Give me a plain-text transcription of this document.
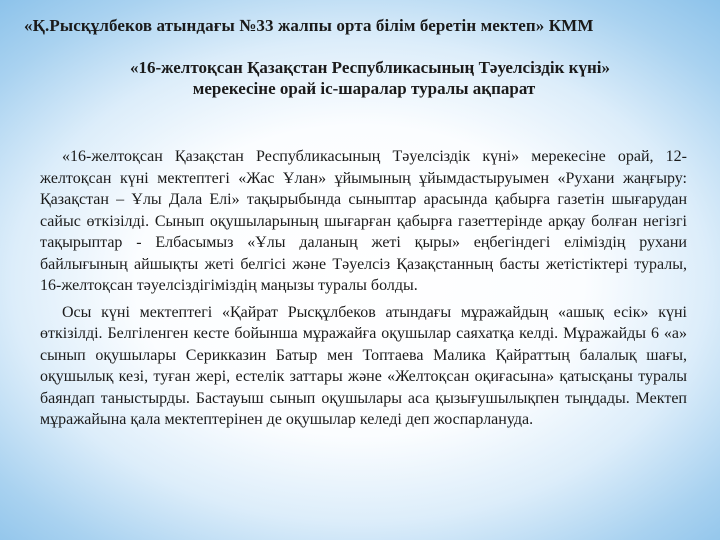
«Қ.Рысқұлбеков атындағы №33 жалпы орта білім беретін мектеп» КММ
«16-желтоқсан Қазақстан Республикасының Тәуелсіздік күні»
мерекесіне орай іс-шаралар туралы ақпарат

«16-желтоқсан Қазақстан Республикасының Тәуелсіздік күні» мерекесіне орай, 12-желтоқсан күні мектептегі «Жас Ұлан» ұйымының ұйымдастыруымен «Рухани жаңғыру: Қазақстан – Ұлы Дала Елі» тақырыбында сыныптар арасында қабырға газетін шығарудан сайыс өткізілді. Сынып оқушыларының шығарған қабырға газеттерінде арқау болған негізгі тақырыптар - Елбасымыз «Ұлы даланың жеті қыры» еңбегіндегі еліміздің рухани байлығының айшықты жеті белгісі және Тәуелсіз Қазақстанның басты жетістіктері туралы, 16-желтоқсан тәуелсіздігіміздің маңызы туралы болды.

Осы күні мектептегі «Қайрат Рысқұлбеков атындағы мұражайдың «ашық есік» күні өткізілді. Белгіленген кесте бойынша мұражайға оқушылар саяхатқа келді. Мұражайды 6 «а» сынып оқушылары Серикказин Батыр мен Топтаева Малика Қайраттың балалық шағы, оқушылық кезі, туған жері, естелік заттары және «Желтоқсан оқиғасына» қатысқаны туралы баяндап таныстырды. Бастауыш сынып оқушылары аса қызығушылықпен тыңдады. Мектеп мұражайына қала мектептерінен де оқушылар келеді деп жоспарлануда.
